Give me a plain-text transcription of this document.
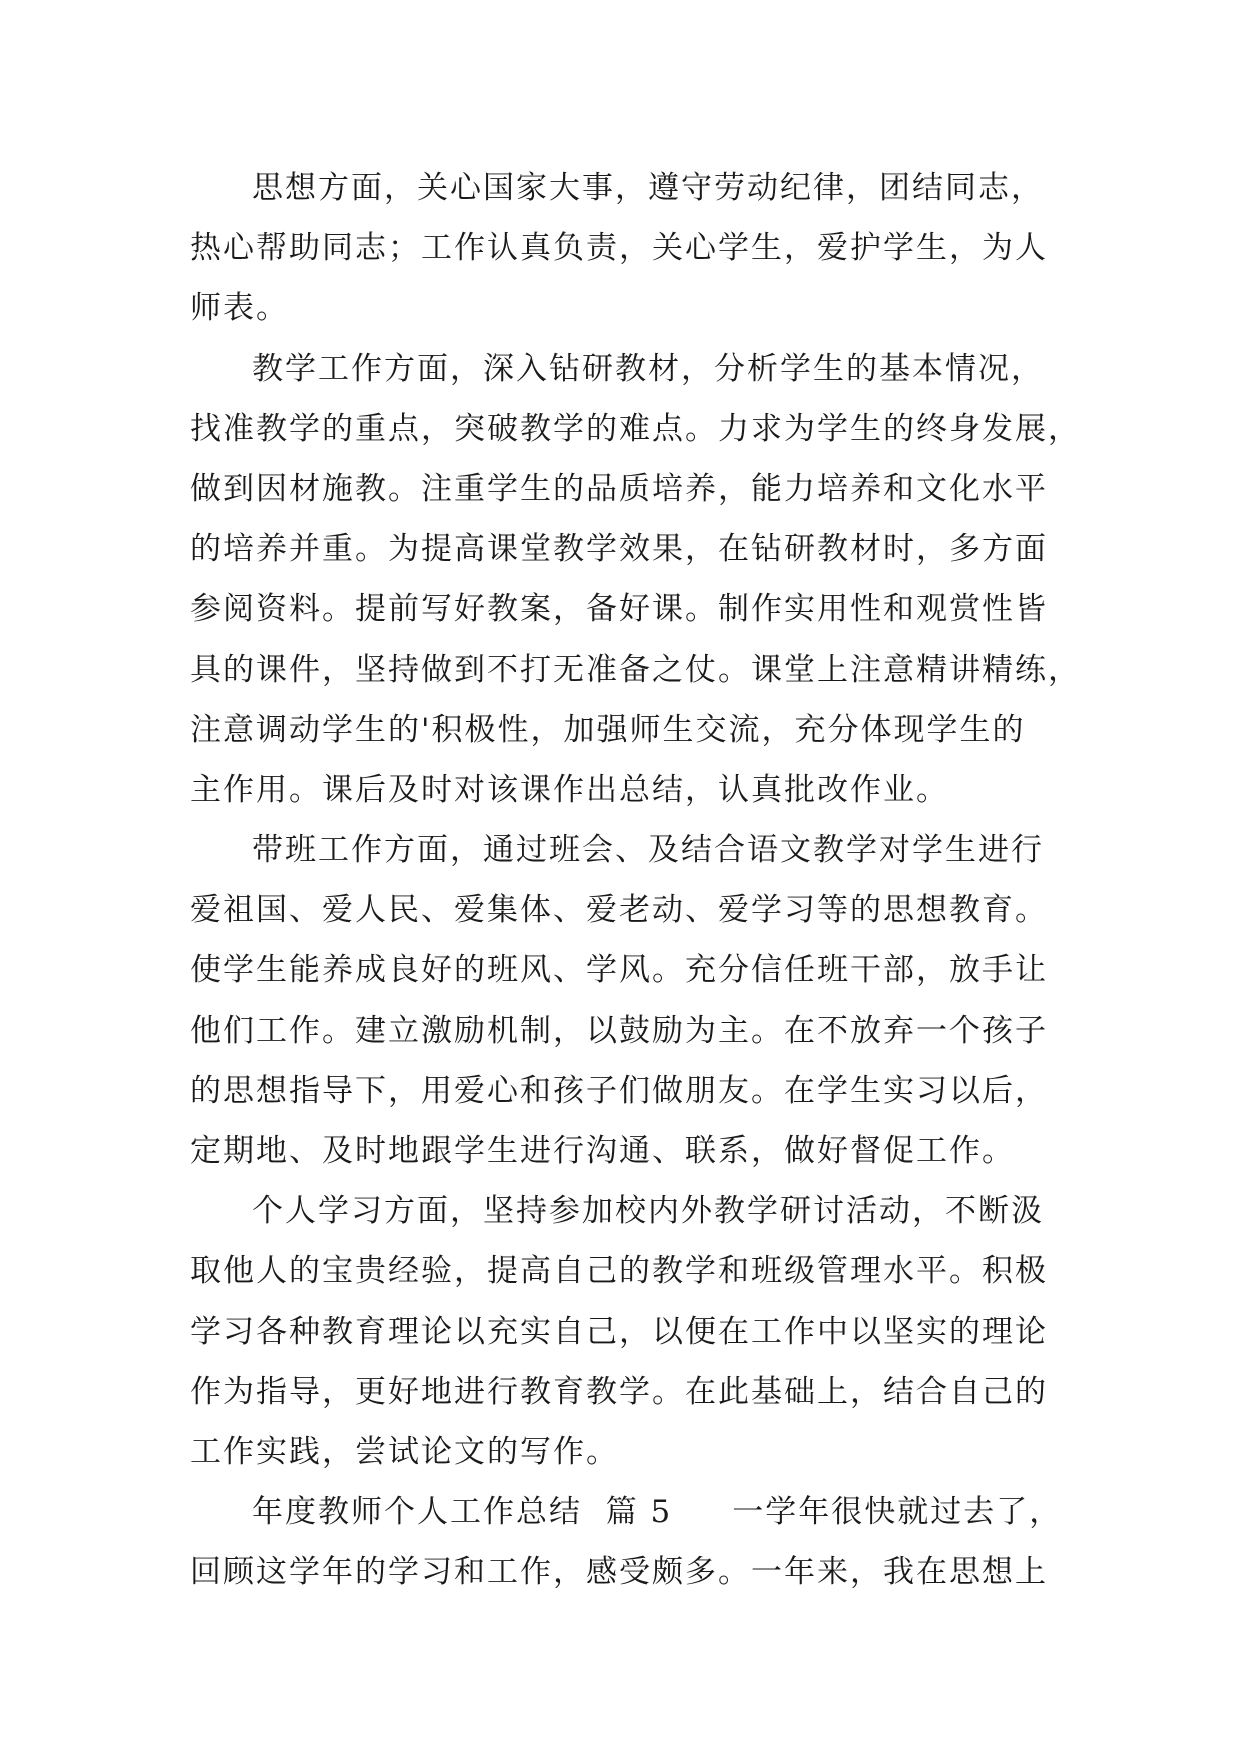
思想方面，关心国家大事，遵守劳动纪律，团结同志，
热心帮助同志；工作认真负责，关心学生，爱护学生，为人
师表。

教学工作方面，深入钻研教材，分析学生的基本情况，
找准教学的重点，突破教学的难点。力求为学生的终身发展，
做到因材施教。注重学生的品质培养，能力培养和文化水平
的培养并重。为提高课堂教学效果，在钻研教材时，多方面
参阅资料。提前写好教案，备好课。制作实用性和观赏性皆
具的课件，坚持做到不打无准备之仗。课堂上注意精讲精练，
注意调动学生的'积极性，加强师生交流，充分体现学生的
主作用。课后及时对该课作出总结，认真批改作业。

带班工作方面，通过班会、及结合语文教学对学生进行
爱祖国、爱人民、爱集体、爱老动、爱学习等的思想教育。
使学生能养成良好的班风、学风。充分信任班干部，放手让
他们工作。建立激励机制，以鼓励为主。在不放弃一个孩子
的思想指导下，用爱心和孩子们做朋友。在学生实习以后，
定期地、及时地跟学生进行沟通、联系，做好督促工作。

个人学习方面，坚持参加校内外教学研讨活动，不断汲
取他人的宝贵经验，提高自己的教学和班级管理水平。积极
学习各种教育理论以充实自己，以便在工作中以坚实的理论
作为指导，更好地进行教育教学。在此基础上，结合自己的
工作实践，尝试论文的写作。

年度教师个人工作总结  篇 5 一学年很快就过去了，
回顾这学年的学习和工作，感受颇多。一年来，我在思想上
